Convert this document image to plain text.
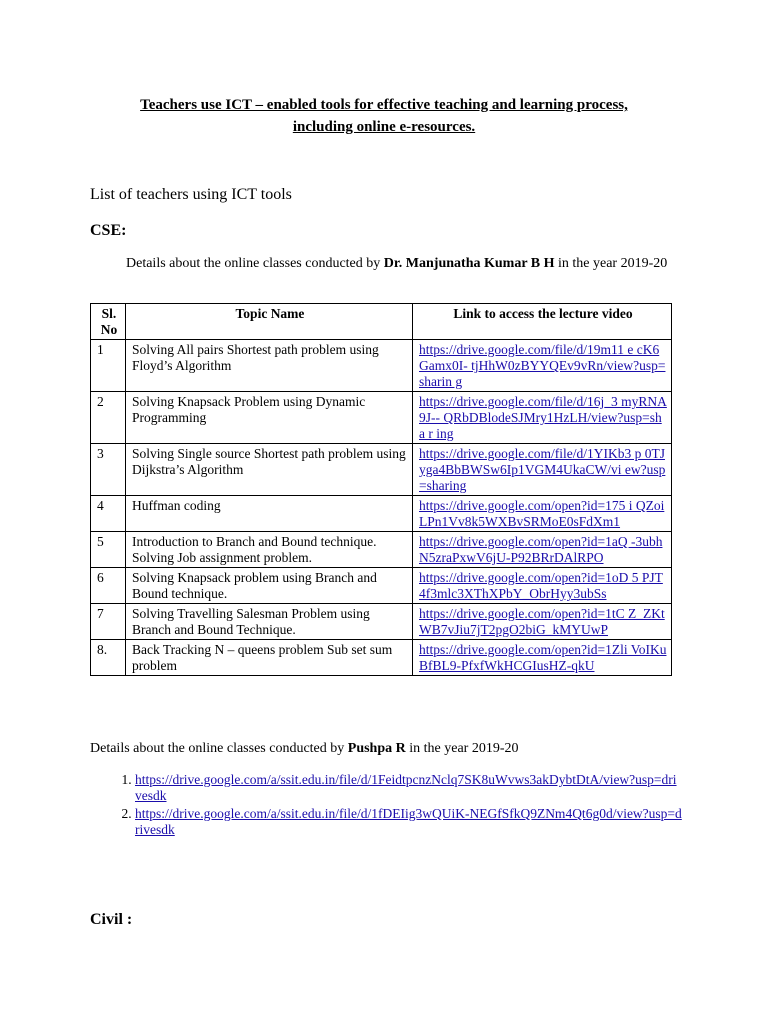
Teachers use ICT – enabled tools for effective teaching and learning process,
including online e-resources.
List of teachers using ICT tools
CSE:
Details about the online classes conducted by Dr. Manjunatha Kumar B H in the year 2019-20
Sl. No	Topic Name	Link to access the lecture video
1	Solving All pairs Shortest path problem using Floyd’s Algorithm	https://drive.google.com/file/d/19m11 e cK6Gamx0I- tjHhW0zBYYQEv9vRn/view?usp=sharin g
2	Solving Knapsack Problem using Dynamic Programming	https://drive.google.com/file/d/16j_3 myRNA9J-- QRbDBlodeSJMry1HzLH/view?usp=sha r ing
3	Solving Single source Shortest path problem using Dijkstra’s Algorithm	https://drive.google.com/file/d/1YIKb3 p 0TJyga4BbBWSw6Ip1VGM4UkaCW/vi ew?usp=sharing
4	Huffman coding	https://drive.google.com/open?id=175 i QZoiLPn1Vv8k5WXBvSRMoE0sFdXm1
5	Introduction to Branch and Bound technique. Solving Job assignment problem.	https://drive.google.com/open?id=1aQ -3ubhN5zraPxwV6jU-P92BRrDAlRPO
6	Solving Knapsack problem using Branch and Bound technique.	https://drive.google.com/open?id=1oD 5 PJT4f3mlc3XThXPbY_ObrHyy3ubSs
7	Solving Travelling Salesman Problem using Branch and Bound Technique.	https://drive.google.com/open?id=1tC Z_ZKtWB7vJiu7jT2pgO2biG_kMYUwP
8.	Back Tracking N – queens problem Sub set sum problem	https://drive.google.com/open?id=1Zli VoIKuBfBL9-PfxfWkHCGIusHZ-qkU
Details about the online classes conducted by Pushpa R in the year 2019-20
1. https://drive.google.com/a/ssit.edu.in/file/d/1FeidtpcnzNclq7SK8uWvws3akDybtDtA/view?usp=drivesdk
2. https://drive.google.com/a/ssit.edu.in/file/d/1fDEIig3wQUiK-NEGfSfkQ9ZNm4Qt6g0d/view?usp=drivesdk
Civil :
